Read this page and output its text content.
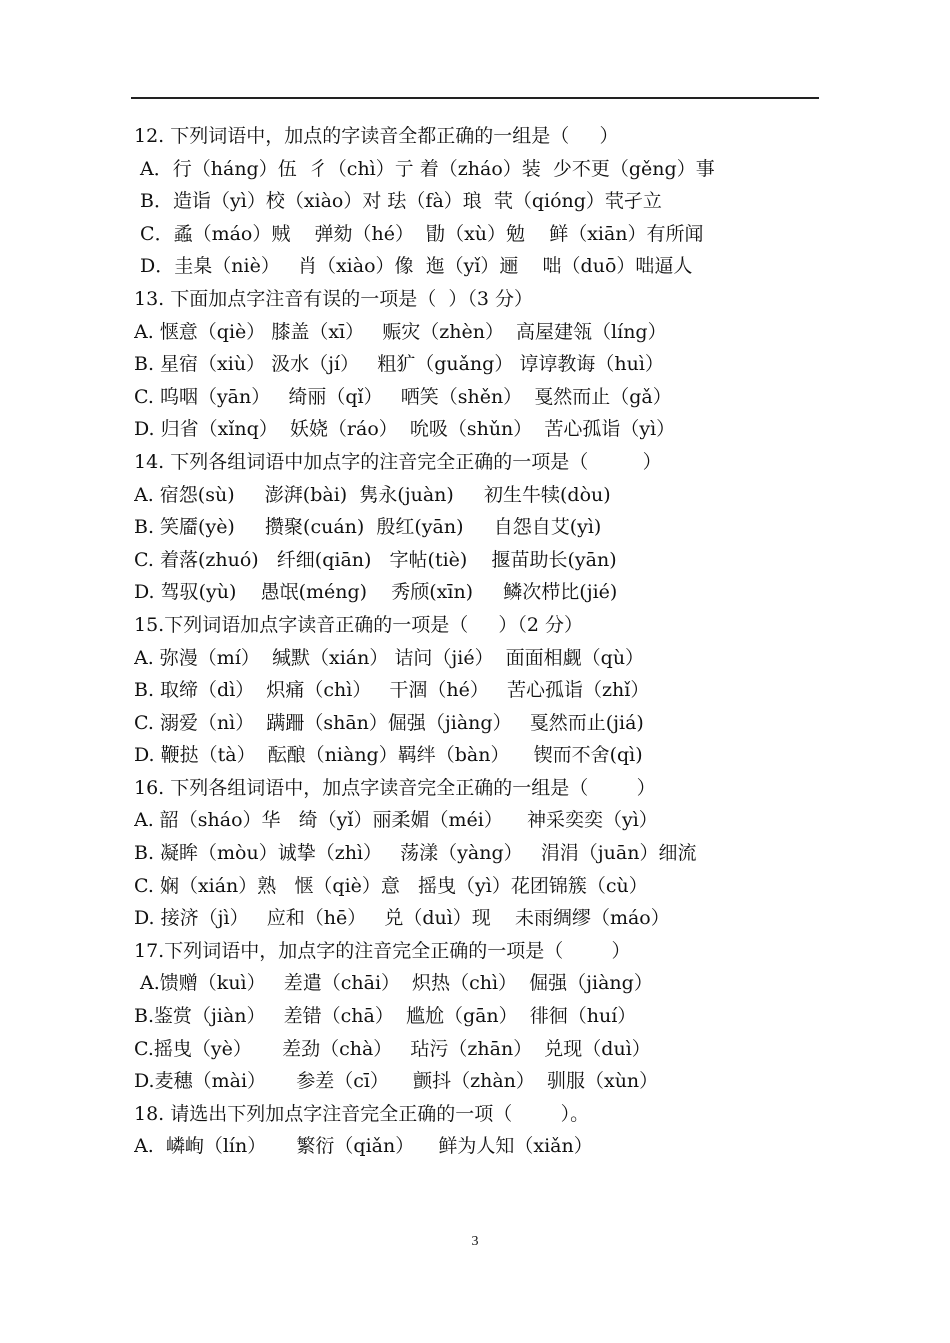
12. 下列词语中，加点的字读音全都正确的一组是（     ）
A．行（háng）伍  彳（chì）亍 着（zháo）装  少不更（gěng）事
B．造诣（yì）校（xiào）对 珐（fà）琅  茕（qióng）茕孑立
C．蟊（máo）贼    弹劾（hé）  勖（xù）勉    鲜（xiān）有所闻
D．圭臬（niè）   肖（xiào）像  迤（yǐ）逦    咄（duō）咄逼人
13. 下面加点字注音有误的一项是（  ）（3 分）
A. 惬意（qiè） 膝盖（xī）   赈灾（zhèn）  高屋建瓴（líng）
B. 星宿（xiù） 汲水（jí）   粗犷（guǎng） 谆谆教诲（huì）
C. 呜咽（yān）   绮丽（qǐ）   哂笑（shěn）  戛然而止（gǎ）
D. 归省（xǐnq）  妖娆（ráo）  吮吸（shǔn）  苦心孤诣（yì）
14. 下列各组词语中加点字的注音完全正确的一项是（         ）
A. 宿怨(sù)     澎湃(bài)  隽永(juàn)     初生牛犊(dòu)
B. 笑靥(yè)     攒聚(cuán)  殷红(yān)     自怨自艾(yì)
C. 着落(zhuó)   纤细(qiān)   字帖(tiè)    揠苗助长(yān)
D. 驾驭(yù)    愚氓(méng)    秀颀(xīn)     鳞次栉比(jié)
15.下列词语加点字读音正确的一项是（     ）（2 分）
A. 弥漫（mí）  缄默（xián） 诘问（jié）  面面相觑（qù）
B. 取缔（dì）  炽痛（chì）   干涸（hé）   苦心孤诣（zhǐ）
C. 溺爱（nì）  蹒跚（shān）倔强（jiàng）   戛然而止(jiá)
D. 鞭挞（tà）  酝酿（niàng）羁绊（bàn）    锲而不舍(qì)
16. 下列各组词语中，加点字读音完全正确的一组是（        ）
A. 韶（sháo）华   绮（yǐ）丽柔媚（méi）    神采奕奕（yì）
B. 凝眸（mòu）诚挚（zhì）   荡漾（yàng）   涓涓（juān）细流
C. 娴（xián）熟   惬（qiè）意   摇曳（yì）花团锦簇（cù）
D. 接济（jì）   应和（hē）   兑（duì）现    未雨绸缪（máo）
17.下列词语中，加点字的注音完全正确的一项是（        ）
A.馈赠（kuì）   差遣（chāi）  炽热（chì）  倔强（jiàng）
B.鉴赏（jiàn）   差错（chā）  尴尬（gān）  徘徊（huí）
C.摇曳（yè）     差劲（chà）   玷污（zhān）  兑现（duì）
D.麦穗（mài）     参差（cī）    颤抖（zhàn）  驯服（xùn）
18. 请选出下列加点字注音完全正确的一项（        ）。
A.  嶙峋（lín）     繁衍（qiǎn）    鲜为人知（xiǎn）
3
